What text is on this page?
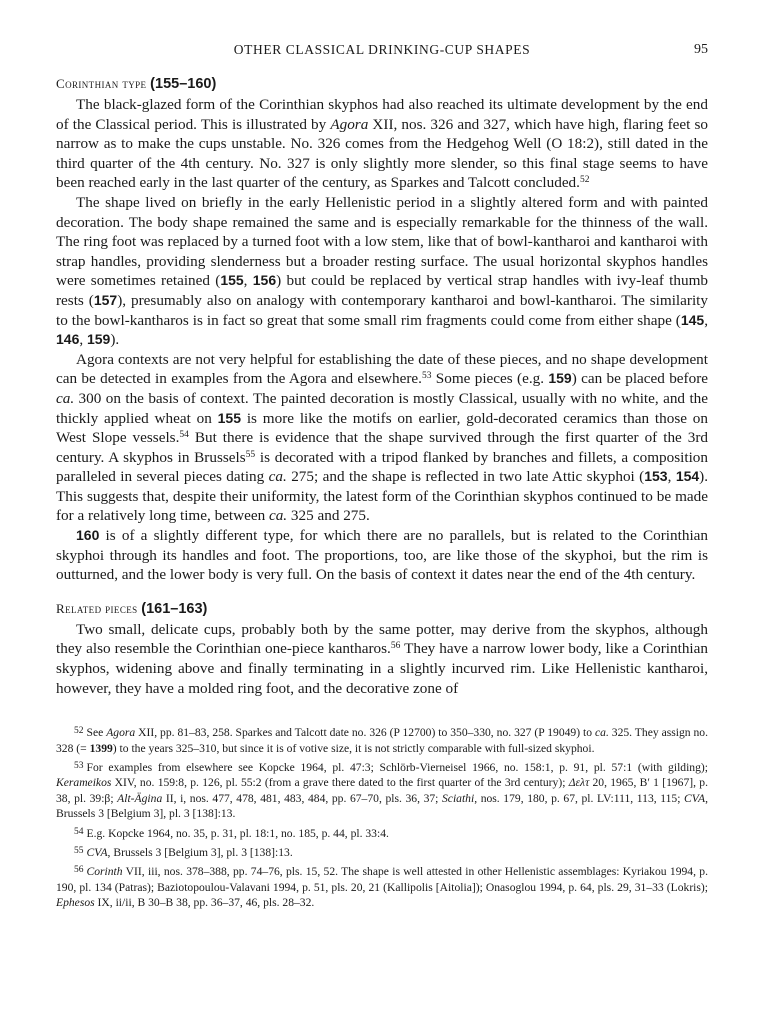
OTHER CLASSICAL DRINKING-CUP SHAPES	95
Corinthian type (155–160)

The black-glazed form of the Corinthian skyphos had also reached its ultimate development by the end of the Classical period. This is illustrated by Agora XII, nos. 326 and 327, which have high, flaring feet so narrow as to make the cups unstable. No. 326 comes from the Hedgehog Well (O 18:2), still dated in the third quarter of the 4th century. No. 327 is only slightly more slender, so this final stage seems to have been reached early in the last quarter of the century, as Sparkes and Talcott concluded.$^{52}$

The shape lived on briefly in the early Hellenistic period in a slightly altered form and with painted decoration. The body shape remained the same and is especially remarkable for the thinness of the wall. The ring foot was replaced by a turned foot with a low stem, like that of bowl-kantharoi and kantharoi with strap handles, providing slenderness but a broader resting surface. The usual horizontal skyphos handles were sometimes retained (155, 156) but could be replaced by vertical strap handles with ivy-leaf thumb rests (157), presumably also on analogy with contemporary kantharoi and bowl-kantharoi. The similarity to the bowl-kantharos is in fact so great that some small rim fragments could come from either shape (145, 146, 159).

Agora contexts are not very helpful for establishing the date of these pieces, and no shape development can be detected in examples from the Agora and elsewhere.$^{53}$ Some pieces (e.g. 159) can be placed before ca. 300 on the basis of context. The painted decoration is mostly Classical, usually with no white, and the thickly applied wheat on 155 is more like the motifs on earlier, gold-decorated ceramics than those on West Slope vessels.$^{54}$ But there is evidence that the shape survived through the first quarter of the 3rd century. A skyphos in Brussels$^{55}$ is decorated with a tripod flanked by branches and fillets, a composition paralleled in several pieces dating ca. 275; and the shape is reflected in two late Attic skyphoi (153, 154). This suggests that, despite their uniformity, the latest form of the Corinthian skyphos continued to be made for a relatively long time, between ca. 325 and 275.

160 is of a slightly different type, for which there are no parallels, but is related to the Corinthian skyphoi through its handles and foot. The proportions, too, are like those of the skyphoi, but the rim is outturned, and the lower body is very full. On the basis of context it dates near the end of the 4th century.

Related pieces (161–163)

Two small, delicate cups, probably both by the same potter, may derive from the skyphos, although they also resemble the Corinthian one-piece kantharos.$^{56}$ They have a narrow lower body, like a Corinthian skyphos, widening above and finally terminating in a slightly incurved rim. Like Hellenistic kantharoi, however, they have a molded ring foot, and the decorative zone of

$^{52}$ See Agora XII, pp. 81–83, 258. Sparkes and Talcott date no. 326 (P 12700) to 350–330, no. 327 (P 19049) to ca. 325. They assign no. 328 (= 1399) to the years 325–310, but since it is of votive size, it is not strictly comparable with full-sized skyphoi.

$^{53}$ For examples from elsewhere see Kopcke 1964, pl. 47:3; Schlörb-Vierneisel 1966, no. 158:1, p. 91, pl. 57:1 (with gilding); Kerameikos XIV, no. 159:8, p. 126, pl. 55:2 (from a grave there dated to the first quarter of the 3rd century); Δελτ 20, 1965, B′ 1 [1967], p. 38, pl. 39:β; Alt-Ägina II, i, nos. 477, 478, 481, 483, 484, pp. 67–70, pls. 36, 37; Sciathi, nos. 179, 180, p. 67, pl. LV:111, 113, 115; CVA, Brussels 3 [Belgium 3], pl. 3 [138]:13.

$^{54}$ E.g. Kopcke 1964, no. 35, p. 31, pl. 18:1, no. 185, p. 44, pl. 33:4.

$^{55}$ CVA, Brussels 3 [Belgium 3], pl. 3 [138]:13.

$^{56}$ Corinth VII, iii, nos. 378–388, pp. 74–76, pls. 15, 52. The shape is well attested in other Hellenistic assemblages: Kyriakou 1994, p. 190, pl. 134 (Patras); Baziotopoulou-Valavani 1994, p. 51, pls. 20, 21 (Kallipolis [Aitolia]); Onasoglou 1994, p. 64, pls. 29, 31–33 (Lokris); Ephesos IX, ii/ii, B 30–B 38, pp. 36–37, 46, pls. 28–32.
